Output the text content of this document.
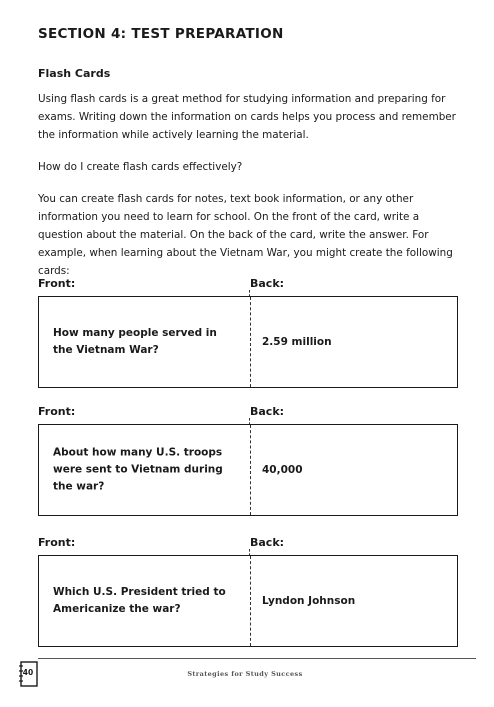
SECTION 4: TEST PREPARATION
Flash Cards
Using flash cards is a great method for studying information and preparing for exams. Writing down the information on cards helps you process and remember the information while actively learning the material.
How do I create flash cards effectively?
You can create flash cards for notes, text book information, or any other information you need to learn for school. On the front of the card, write a question about the material. On the back of the card, write the answer. For example, when learning about the Vietnam War, you might create the following cards:
Front:	Back:
How many people served in the Vietnam War?
2.59 million
Front:	Back:
About how many U.S. troops were sent to Vietnam during the war?
40,000
Front:	Back:
Which U.S. President tried to Americanize the war?
Lyndon Johnson
40	Strategies for Study Success
